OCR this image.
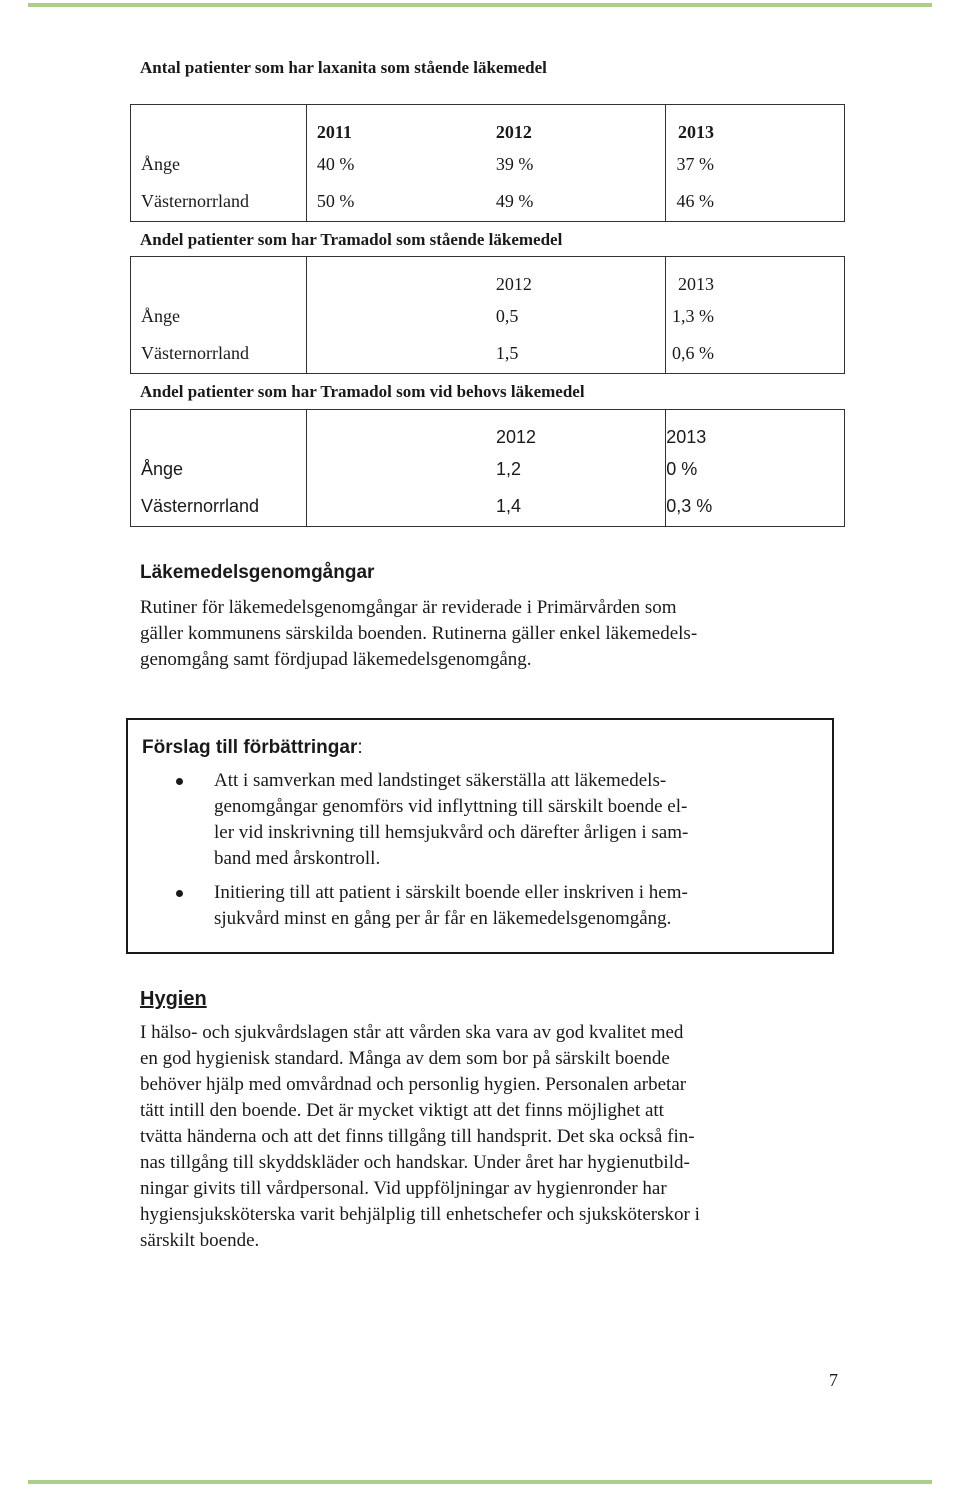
Antal patienter som har laxanita som stående läkemedel
	2011	2012	2013
Ånge	40 %	39 %	37 %
Västernorrland	50 %	49 %	46 %
Andel patienter som har Tramadol som stående läkemedel
		2012	2013
Ånge		0,5	1,3 %
Västernorrland		1,5	0,6 %
Andel patienter som har Tramadol som vid behovs läkemedel
		2012	2013
Ånge		1,2	0 %
Västernorrland		1,4	0,3 %
Läkemedelsgenomgångar
Rutiner för läkemedelsgenomgångar är reviderade i Primärvården som
gäller kommunens särskilda boenden. Rutinerna gäller enkel läkemedels-
genomgång samt fördjupad läkemedelsgenomgång.
Förslag till förbättringar:
Att i samverkan med landstinget säkerställa att läkemedels-
genomgångar genomförs vid inflyttning till särskilt boende el-
ler vid inskrivning till hemsjukvård och därefter årligen i sam-
band med årskontroll.
Initiering till att patient i särskilt boende eller inskriven i hem-
sjukvård minst en gång per år får en läkemedelsgenomgång.
Hygien
I hälso- och sjukvårdslagen står att vården ska vara av god kvalitet med
en god hygienisk standard. Många av dem som bor på särskilt boende
behöver hjälp med omvårdnad och personlig hygien. Personalen arbetar
tätt intill den boende. Det är mycket viktigt att det finns möjlighet att
tvätta händerna och att det finns tillgång till handsprit. Det ska också fin-
nas tillgång till skyddskläder och handskar. Under året har hygienutbild-
ningar givits till vårdpersonal. Vid uppföljningar av hygienronder har
hygiensjuksköterska varit behjälplig till enhetschefer och sjuksköterskor i
särskilt boende.
7
